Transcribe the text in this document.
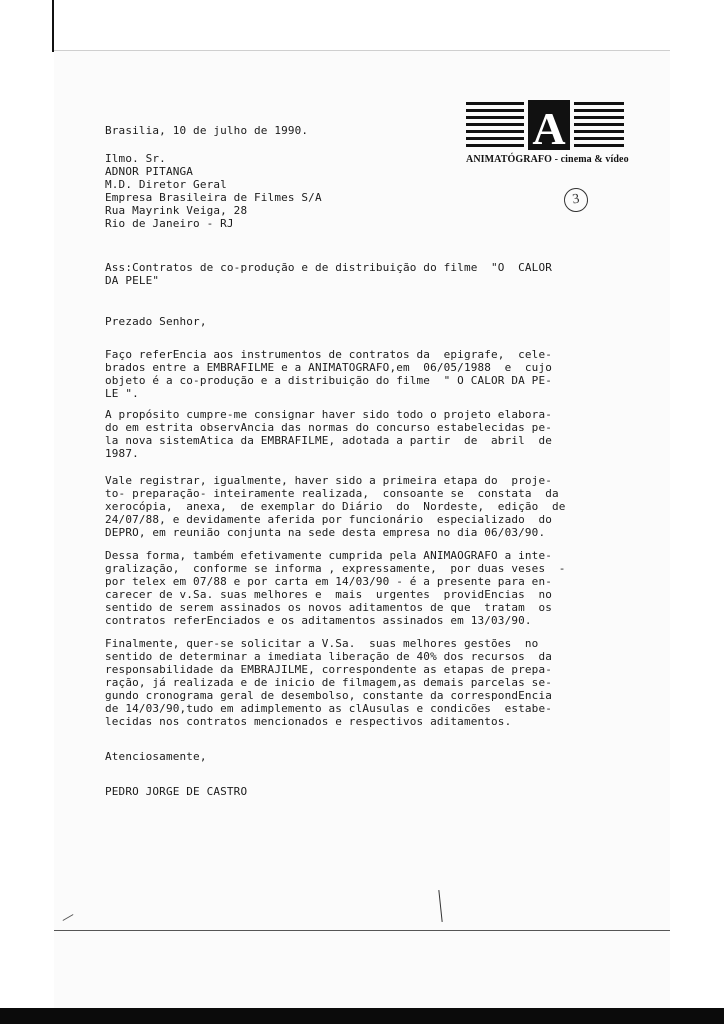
A
ANIMATÓGRAFO - cinema & vídeo
3
Brasilia, 10 de julho de 1990.
Ilmo. Sr.
ADNOR PITANGA
M.D. Diretor Geral
Empresa Brasileira de Filmes S/A
Rua Mayrink Veiga, 28
Rio de Janeiro - RJ
Ass:Contratos de co-produção e de distribuição do filme  "O  CALOR
DA PELE"
Prezado Senhor,
Faço referEncia aos instrumentos de contratos da  epigrafe,  cele-
brados entre a EMBRAFILME e a ANIMATOGRAFO,em  06/05/1988  e  cujo
objeto é a co-produção e a distribuição do filme  " O CALOR DA PE-
LE ".
A propósito cumpre-me consignar haver sido todo o projeto elabora-
do em estrita observAncia das normas do concurso estabelecidas pe-
la nova sistemAtica da EMBRAFILME, adotada a partir  de  abril  de
1987.
Vale registrar, igualmente, haver sido a primeira etapa do  proje-
to- preparação- inteiramente realizada,  consoante se  constata  da
xerocópia,  anexa,  de exemplar do Diário  do  Nordeste,  edição  de
24/07/88, e devidamente aferida por funcionário  especializado  do
DEPRO, em reunião conjunta na sede desta empresa no dia 06/03/90.
Dessa forma, também efetivamente cumprida pela ANIMAOGRAFO a inte-
gralização,  conforme se informa , expressamente,  por duas veses  -
por telex em 07/88 e por carta em 14/03/90 - é a presente para en-
carecer de v.Sa. suas melhores e  mais  urgentes  providEncias  no
sentido de serem assinados os novos aditamentos de que  tratam  os
contratos referEnciados e os aditamentos assinados em 13/03/90.
Finalmente, quer-se solicitar a V.Sa.  suas melhores gestões  no
sentido de determinar a imediata liberação de 40% dos recursos  da
responsabilidade da EMBRAJILME, correspondente as etapas de prepa-
ração, já realizada e de inicio de filmagem,as demais parcelas se-
gundo cronograma geral de desembolso, constante da correspondEncia
de 14/03/90,tudo em adimplemento as clAusulas e condicões  estabe-
lecidas nos contratos mencionados e respectivos aditamentos.
Atenciosamente,
PEDRO JORGE DE CASTRO
